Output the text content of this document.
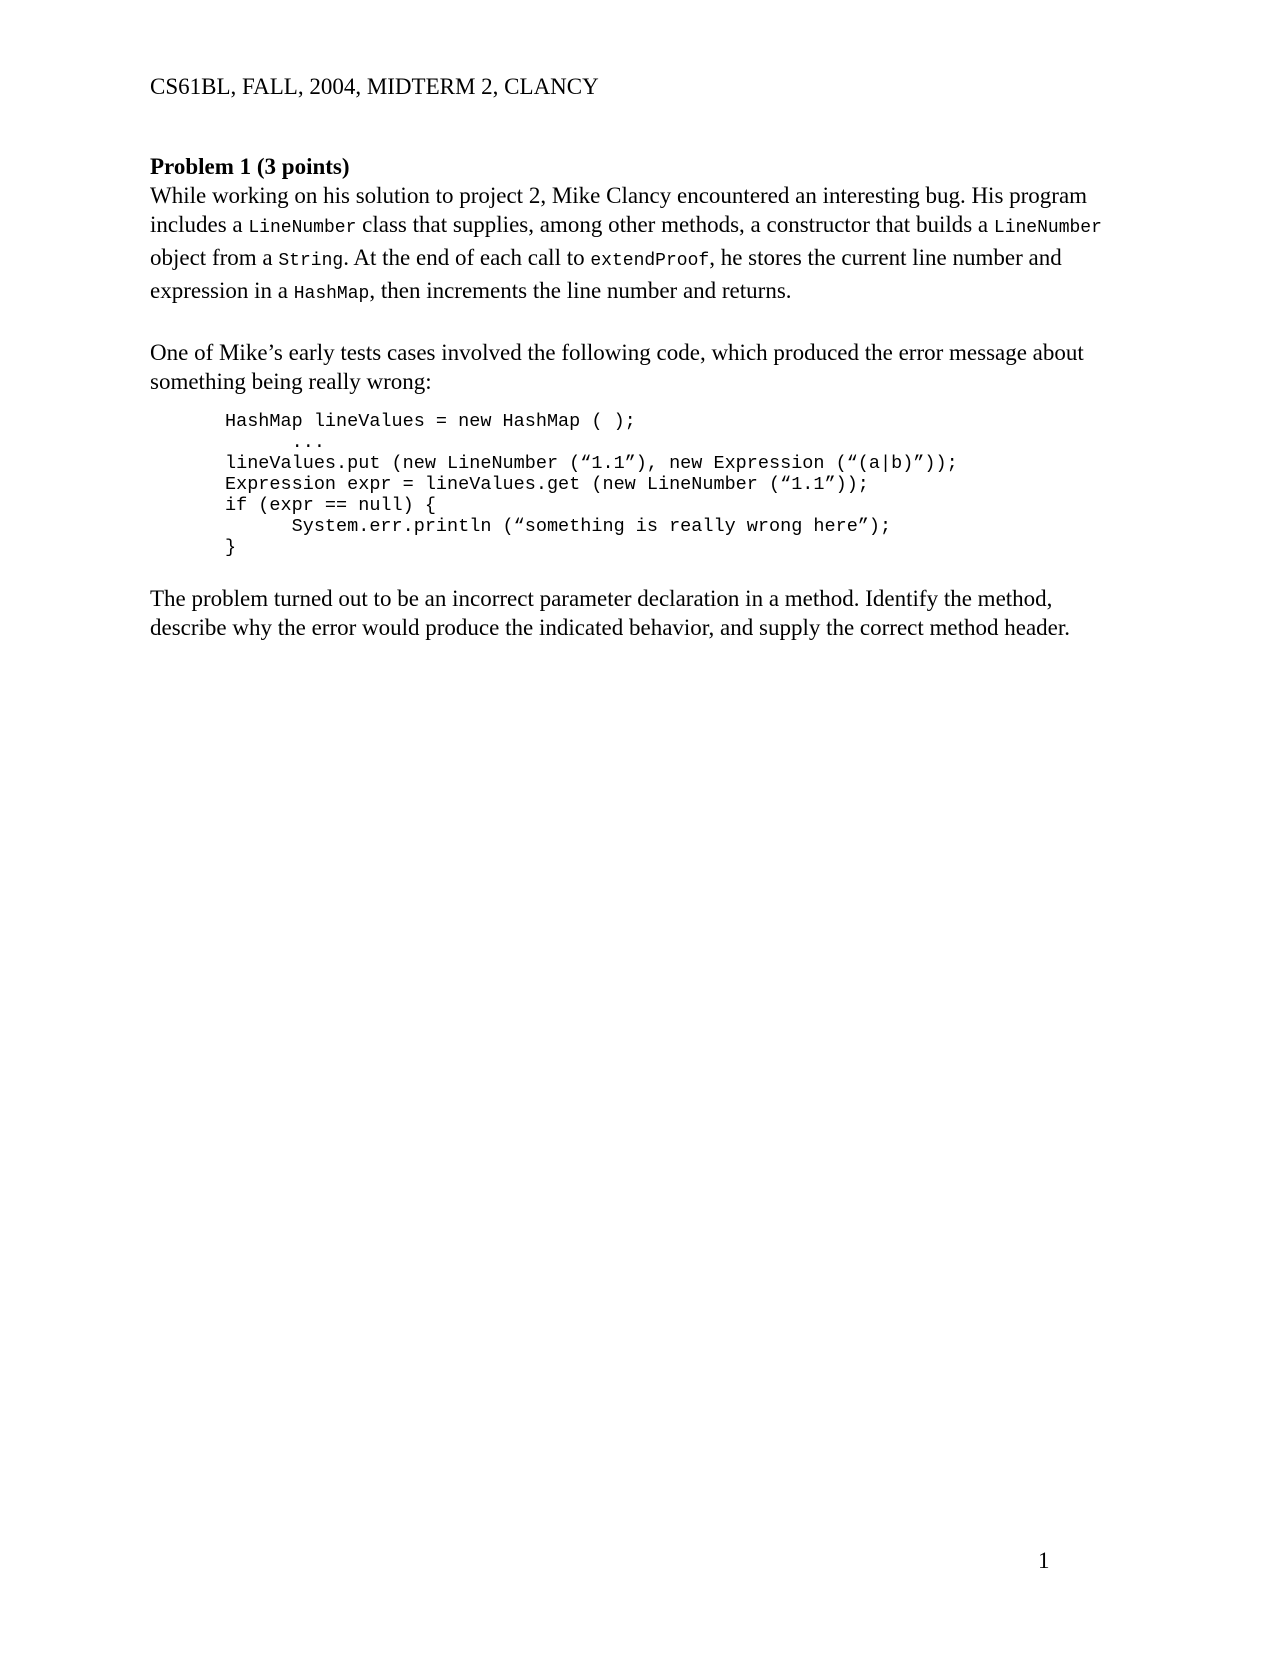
CS61BL, FALL, 2004, MIDTERM 2, CLANCY

Problem 1 (3 points)

While working on his solution to project 2, Mike Clancy encountered an interesting bug. His program includes a LineNumber class that supplies, among other methods, a constructor that builds a LineNumber object from a String. At the end of each call to extendProof, he stores the current line number and expression in a HashMap, then increments the line number and returns.

One of Mike’s early tests cases involved the following code, which produced the error message about something being really wrong:

HashMap lineValues = new HashMap ( );
...
lineValues.put (new LineNumber (“1.1”), new Expression (“(a|b)”));
Expression expr = lineValues.get (new LineNumber (“1.1”));
if (expr == null) {
System.err.println (“something is really wrong here”);
}

The problem turned out to be an incorrect parameter declaration in a method. Identify the method, describe why the error would produce the indicated behavior, and supply the correct method header.

1
